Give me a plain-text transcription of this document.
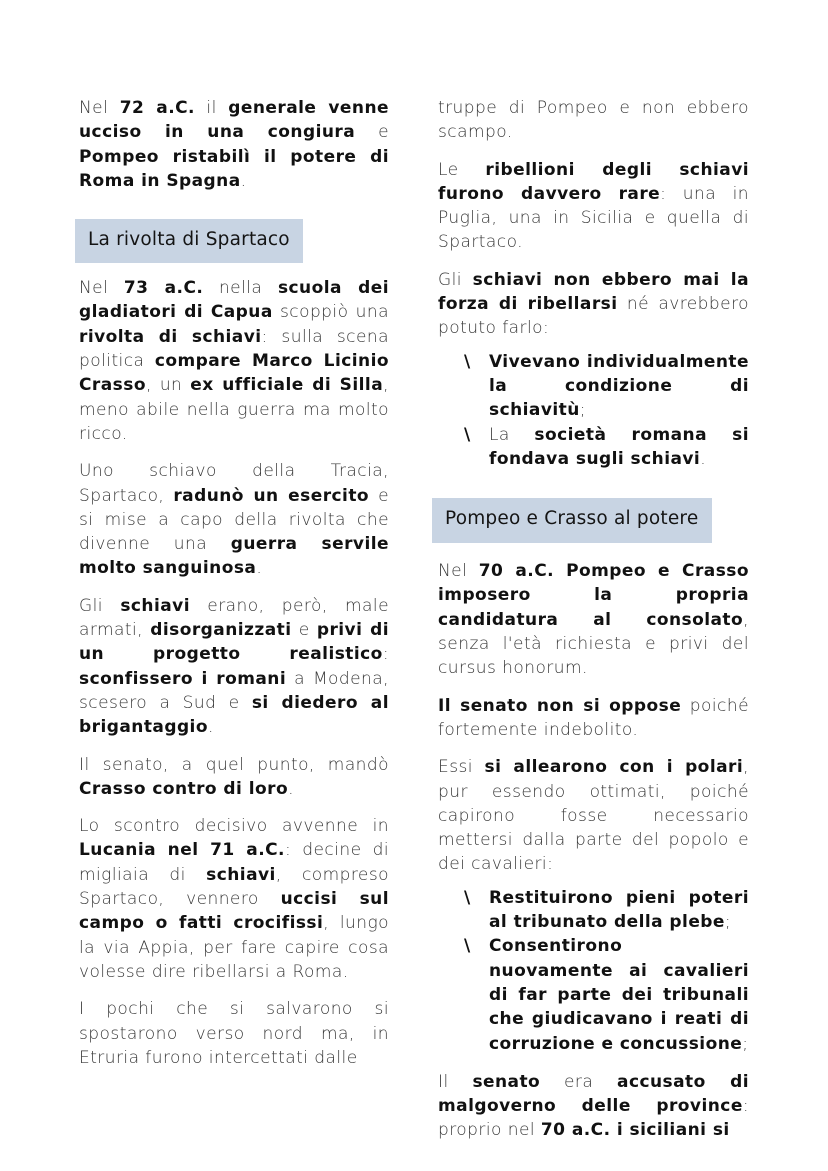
Nel 72 a.C. il generale venne ucciso in una congiura e Pompeo ristabilì il potere di Roma in Spagna.

La rivolta di Spartaco

Nel 73 a.C. nella scuola dei gladiatori di Capua scoppiò una rivolta di schiavi: sulla scena politica compare Marco Licinio Crasso, un ex ufficiale di Silla, meno abile nella guerra ma molto ricco.

Uno schiavo della Tracia, Spartaco, radunò un esercito e si mise a capo della rivolta che divenne una guerra servile molto sanguinosa.

Gli schiavi erano, però, male armati, disorganizzati e privi di un progetto realistico: sconfissero i romani a Modena, scesero a Sud e si diedero al brigantaggio.

Il senato, a quel punto, mandò Crasso contro di loro.

Lo scontro decisivo avvenne in Lucania nel 71 a.C.: decine di migliaia di schiavi, compreso Spartaco, vennero uccisi sul campo o fatti crocifissi, lungo la via Appia, per fare capire cosa volesse dire ribellarsi a Roma.

I pochi che si salvarono si spostarono verso nord ma, in Etruria furono intercettati dalle

truppe di Pompeo e non ebbero scampo.

Le ribellioni degli schiavi furono davvero rare: una in Puglia, una in Sicilia e quella di Spartaco.

Gli schiavi non ebbero mai la forza di ribellarsi né avrebbero potuto farlo:

\ Vivevano individualmente la condizione di schiavitù;
\ La società romana si fondava sugli schiavi.
Pompeo e Crasso al potere

Nel 70 a.C. Pompeo e Crasso imposero la propria candidatura al consolato, senza l'età richiesta e privi del cursus honorum.

Il senato non si oppose poiché fortemente indebolito.

Essi si allearono con i polari, pur essendo ottimati, poiché capirono fosse necessario mettersi dalla parte del popolo e dei cavalieri:

\ Restituirono pieni poteri al tribunato della plebe;
\ Consentirono nuovamente ai cavalieri di far parte dei tribunali che giudicavano i reati di corruzione e concussione;

Il senato era accusato di malgoverno delle province: proprio nel 70 a.C. i siciliani si
